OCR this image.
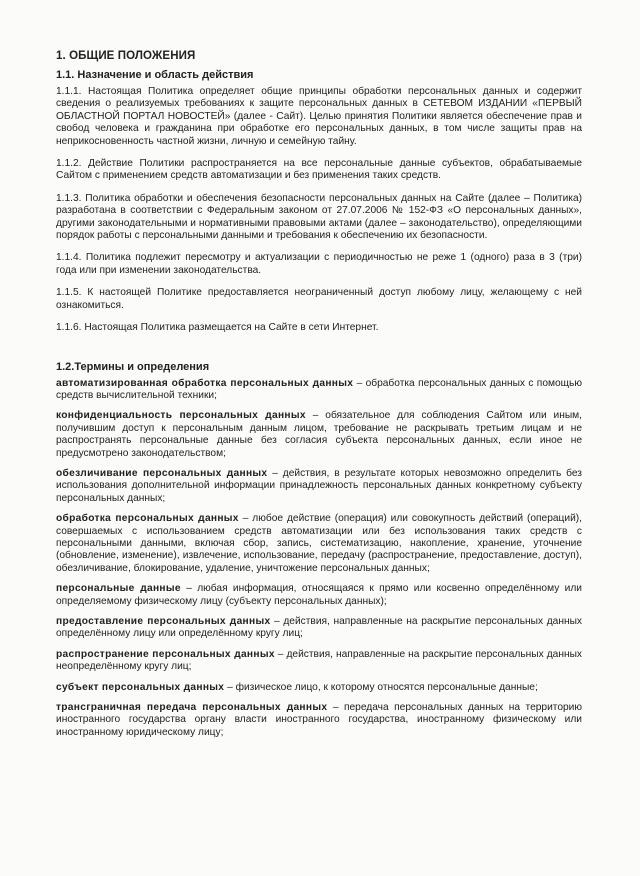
1. ОБЩИЕ ПОЛОЖЕНИЯ
1.1. Назначение и область действия

1.1.1. Настоящая Политика определяет общие принципы обработки персональных данных и содержит сведения о реализуемых требованиях к защите персональных данных в СЕТЕВОМ ИЗДАНИИ «ПЕРВЫЙ ОБЛАСТНОЙ ПОРТАЛ НОВОСТЕЙ» (далее - Сайт). Целью принятия Политики является обеспечение прав и свобод человека и гражданина при обработке его персональных данных, в том числе защиты прав на неприкосновенность частной жизни, личную и семейную тайну.

1.1.2. Действие Политики распространяется на все персональные данные субъектов, обрабатываемые Сайтом с применением средств автоматизации и без применения таких средств.

1.1.3. Политика обработки и обеспечения безопасности персональных данных на Сайте (далее – Политика) разработана в соответствии с Федеральным законом от 27.07.2006 № 152-ФЗ «О персональных данных», другими законодательными и нормативными правовыми актами (далее – законодательство), определяющими порядок работы с персональными данными и требования к обеспечению их безопасности.

1.1.4. Политика подлежит пересмотру и актуализации с периодичностью не реже 1 (одного) раза в 3 (три) года или при изменении законодательства.

1.1.5. К настоящей Политике предоставляется неограниченный доступ любому лицу, желающему с ней ознакомиться.

1.1.6. Настоящая Политика размещается на Сайте в сети Интернет.

1.2.Термины и определения

автоматизированная обработка персональных данных – обработка персональных данных с помощью средств вычислительной техники;

конфиденциальность персональных данных – обязательное для соблюдения Сайтом или иным, получившим доступ к персональным данным лицом, требование не раскрывать третьим лицам и не распространять персональные данные без согласия субъекта персональных данных, если иное не предусмотрено законодательством;

обезличивание персональных данных – действия, в результате которых невозможно определить без использования дополнительной информации принадлежность персональных данных конкретному субъекту персональных данных;

обработка персональных данных – любое действие (операция) или совокупность действий (операций), совершаемых с использованием средств автоматизации или без использования таких средств с персональными данными, включая сбор, запись, систематизацию, накопление, хранение, уточнение (обновление, изменение), извлечение, использование, передачу (распространение, предоставление, доступ), обезличивание, блокирование, удаление, уничтожение персональных данных;

персональные данные – любая информация, относящаяся к прямо или косвенно определённому или определяемому физическому лицу (субъекту персональных данных);

предоставление персональных данных – действия, направленные на раскрытие персональных данных определённому лицу или определённому кругу лиц;

распространение персональных данных – действия, направленные на раскрытие персональных данных неопределённому кругу лиц;

субъект персональных данных – физическое лицо, к которому относятся персональные данные;

трансграничная передача персональных данных – передача персональных данных на территорию иностранного государства органу власти иностранного государства, иностранному физическому или иностранному юридическому лицу;
